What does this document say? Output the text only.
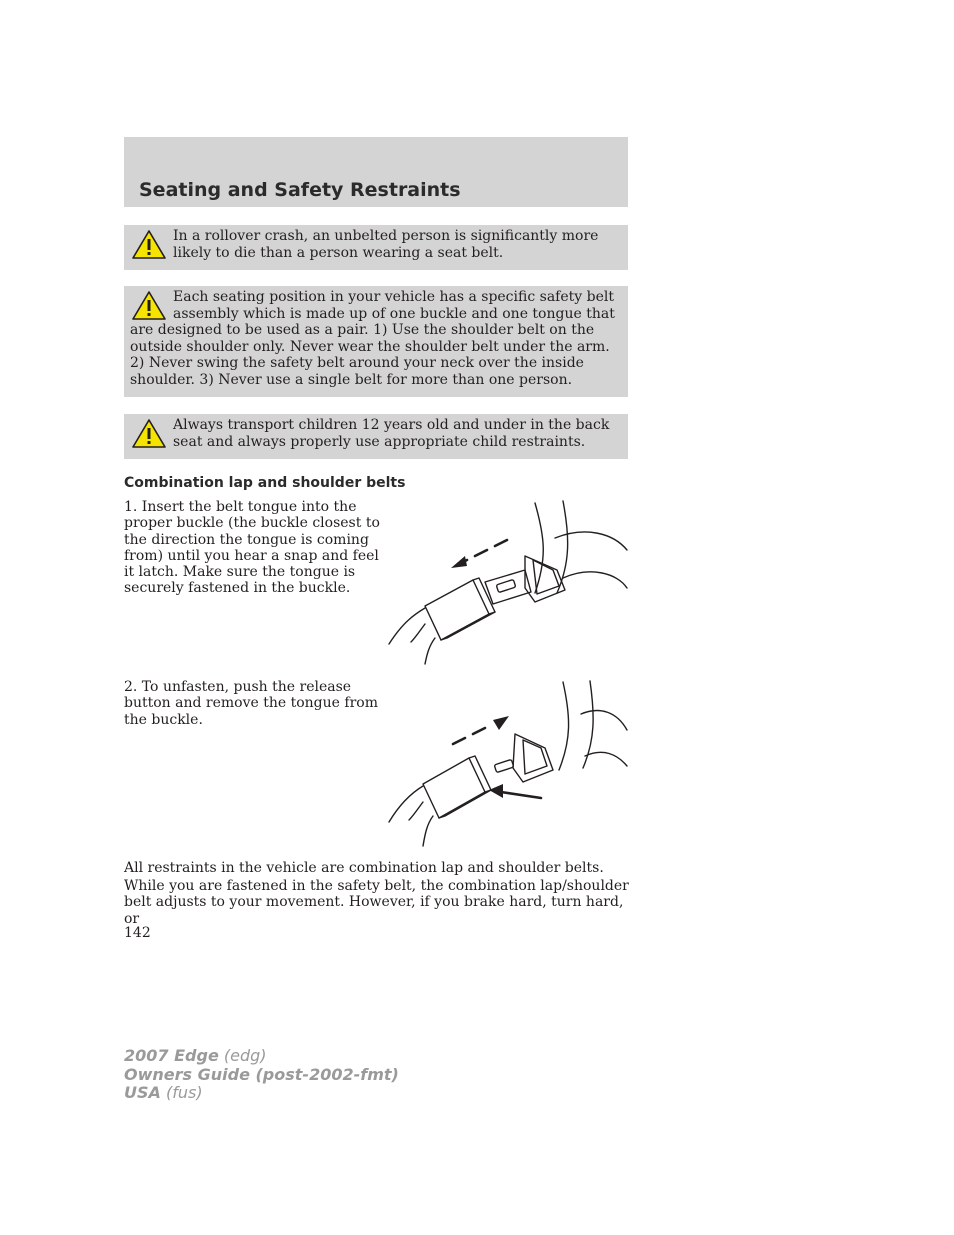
Seating and Safety Restraints

In a rollover crash, an unbelted person is significantly more likely to die than a person wearing a seat belt.

Each seating position in your vehicle has a specific safety belt assembly which is made up of one buckle and one tongue that are designed to be used as a pair. 1) Use the shoulder belt on the outside shoulder only. Never wear the shoulder belt under the arm. 2) Never swing the safety belt around your neck over the inside shoulder. 3) Never use a single belt for more than one person.

Always transport children 12 years old and under in the back seat and always properly use appropriate child restraints.

Combination lap and shoulder belts

1. Insert the belt tongue into the proper buckle (the buckle closest to the direction the tongue is coming from) until you hear a snap and feel it latch. Make sure the tongue is securely fastened in the buckle.

2. To unfasten, push the release button and remove the tongue from the buckle.

All restraints in the vehicle are combination lap and shoulder belts.

While you are fastened in the safety belt, the combination lap/shoulder belt adjusts to your movement. However, if you brake hard, turn hard, or

142

2007 Edge (edg)
Owners Guide (post-2002-fmt)
USA (fus)
